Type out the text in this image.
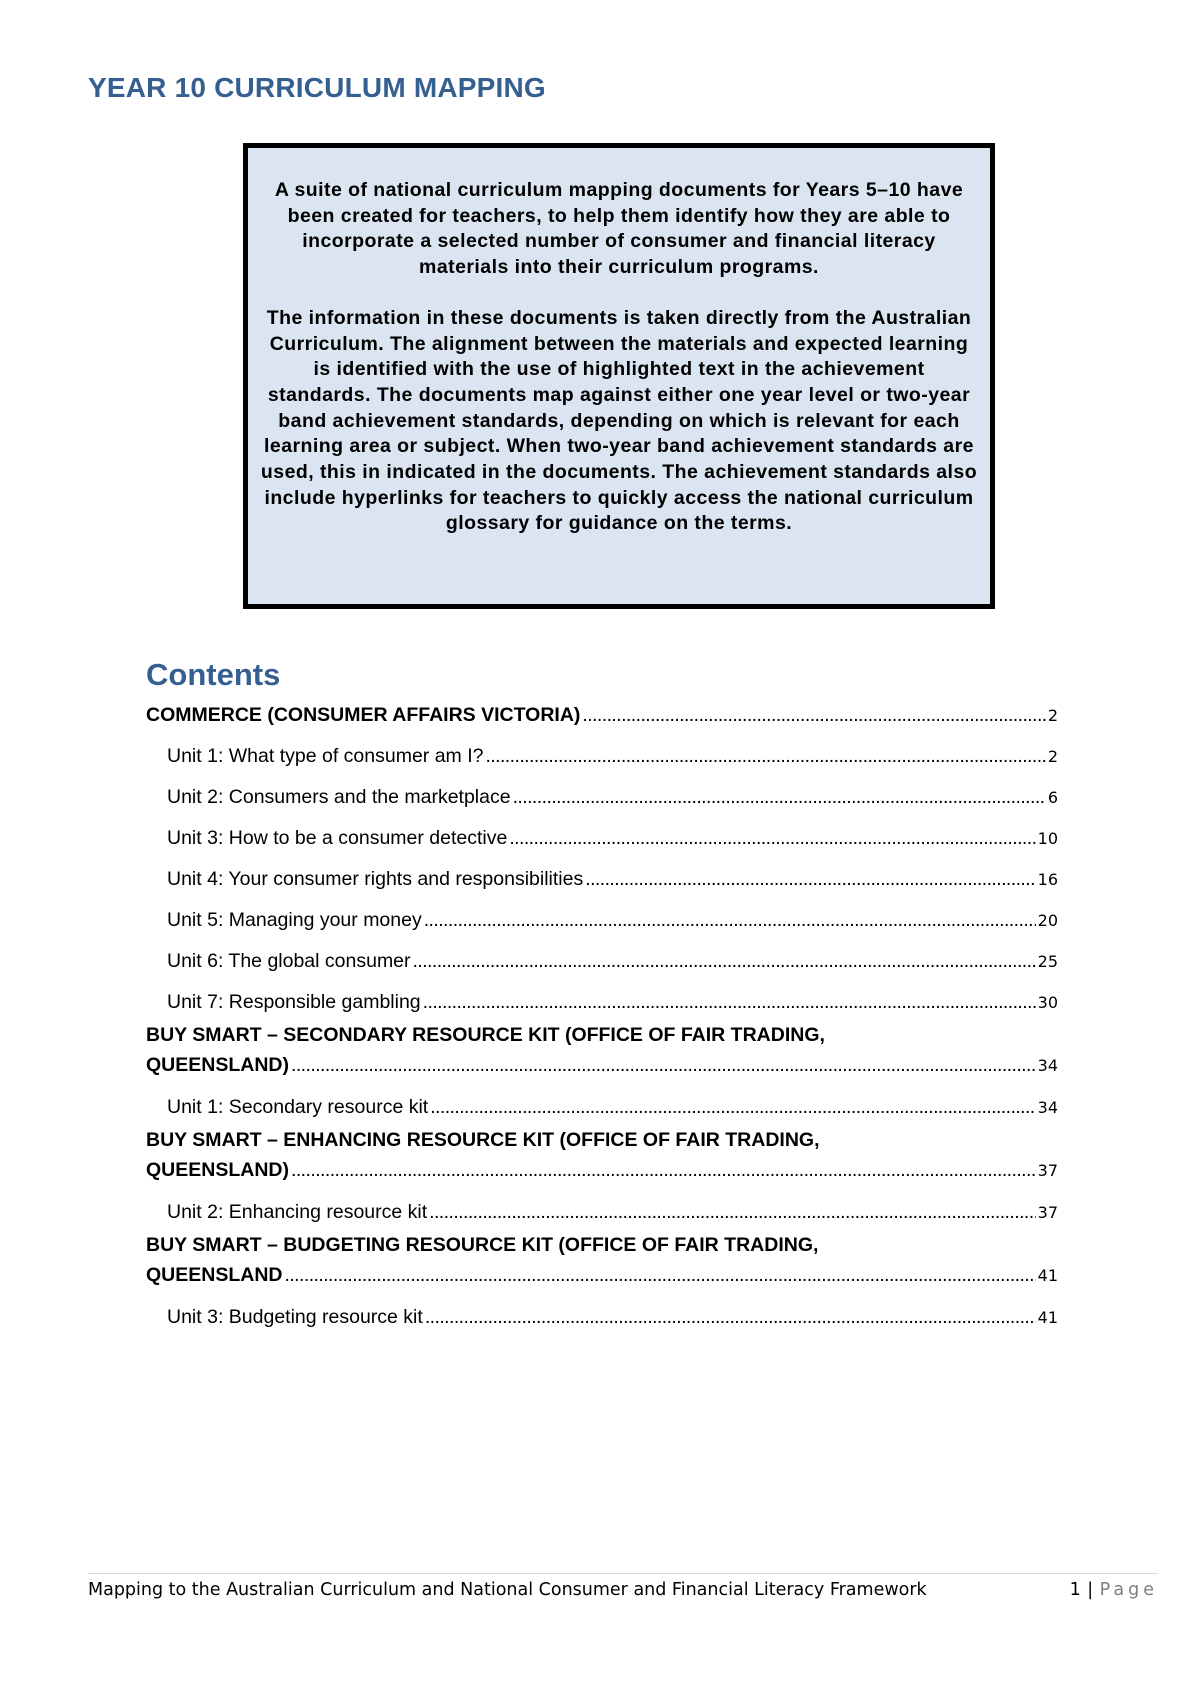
YEAR 10 CURRICULUM MAPPING

A suite of national curriculum mapping documents for Years 5–10 have been created for teachers, to help them identify how they are able to incorporate a selected number of consumer and financial literacy materials into their curriculum programs.

The information in these documents is taken directly from the Australian Curriculum. The alignment between the materials and expected learning is identified with the use of highlighted text in the achievement standards. The documents map against either one year level or two-year band achievement standards, depending on which is relevant for each learning area or subject. When two-year band achievement standards are used, this in indicated in the documents. The achievement standards also include hyperlinks for teachers to quickly access the national curriculum glossary for guidance on the terms.

Contents
COMMERCE (CONSUMER AFFAIRS VICTORIA) . . .	2
Unit 1: What type of consumer am I? . . .	2
Unit 2: Consumers and the marketplace . . .	6
Unit 3: How to be a consumer detective . . .	10
Unit 4: Your consumer rights and responsibilities . . .	16
Unit 5: Managing your money . . .	20
Unit 6: The global consumer . . .	25
Unit 7: Responsible gambling . . .	30
BUY SMART – SECONDARY RESOURCE KIT (OFFICE OF FAIR TRADING,
QUEENSLAND) . . .	34
Unit 1: Secondary resource kit . . .	34
BUY SMART – ENHANCING RESOURCE KIT (OFFICE OF FAIR TRADING,
QUEENSLAND) . . .	37
Unit 2: Enhancing resource kit . . .	37
BUY SMART – BUDGETING RESOURCE KIT (OFFICE OF FAIR TRADING,
QUEENSLAND . . .	41
Unit 3: Budgeting resource kit . . .	41
Mapping to the Australian Curriculum and National Consumer and Financial Literacy Framework	1 | Page
